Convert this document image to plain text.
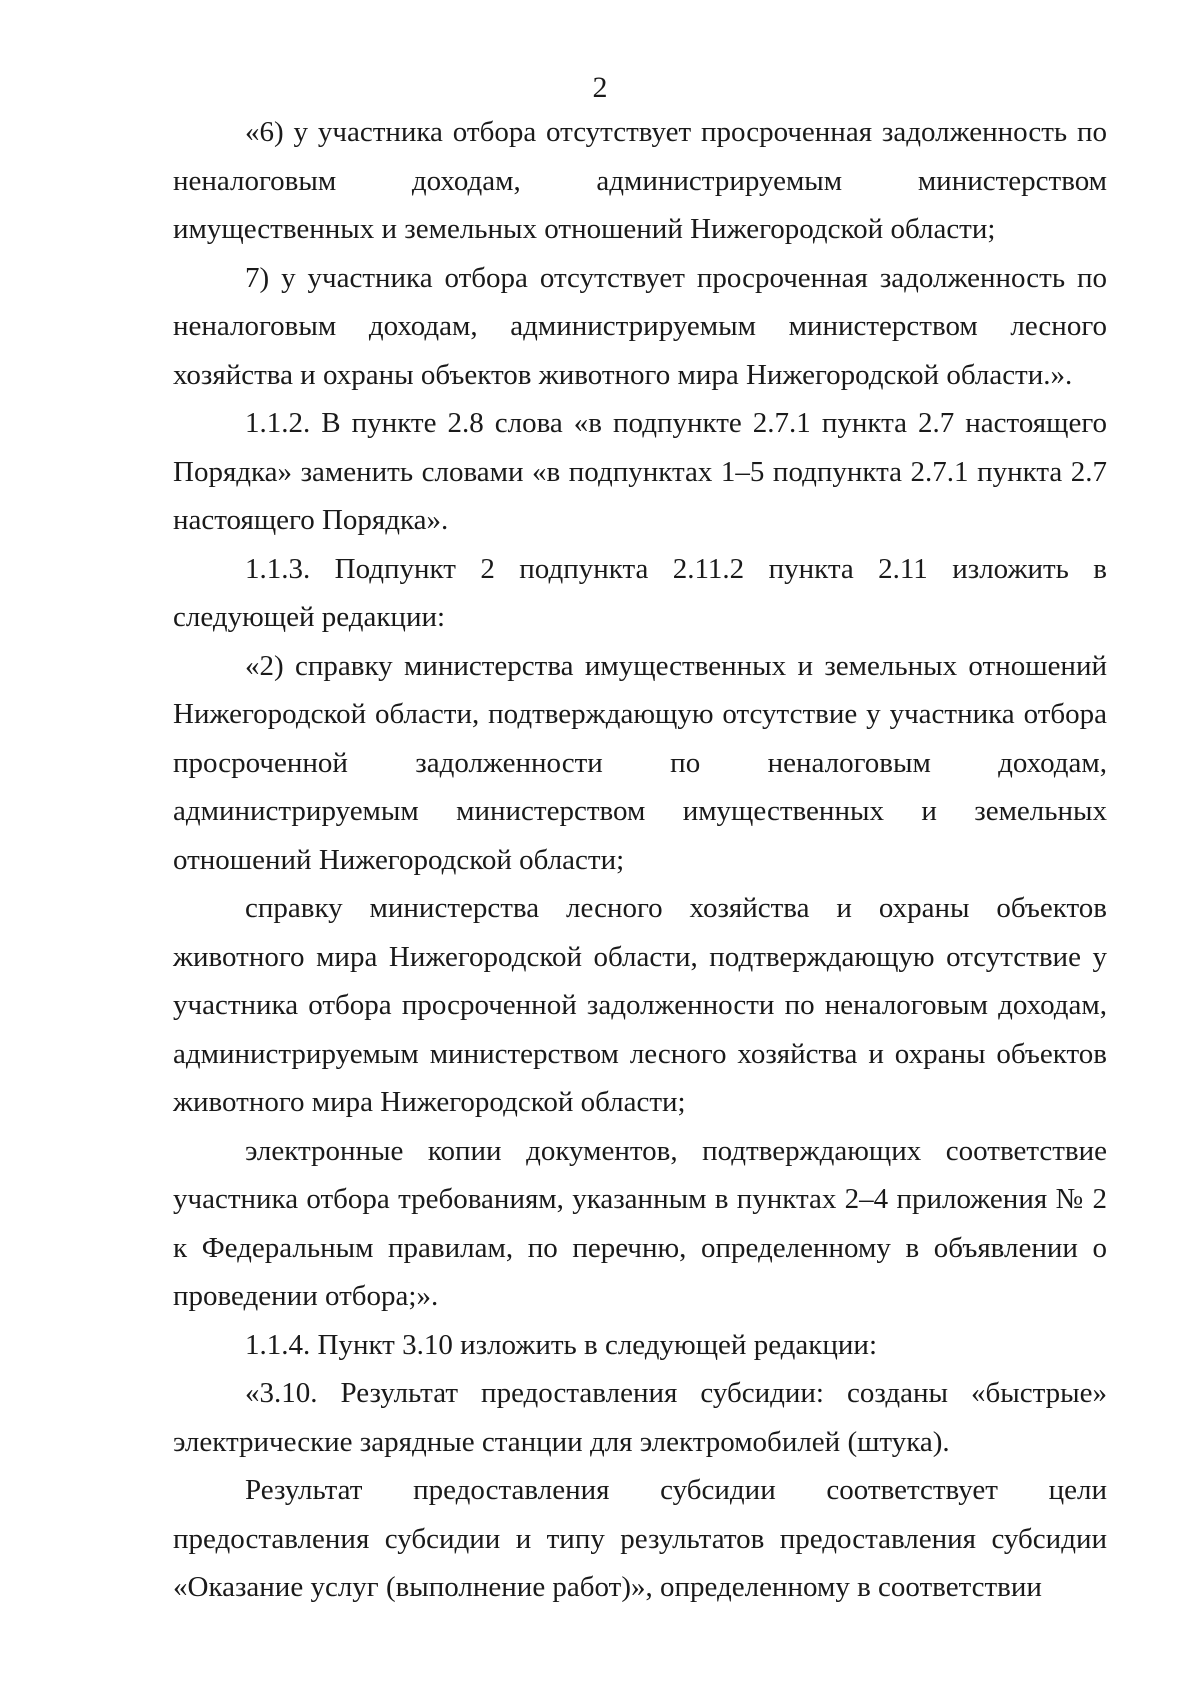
2

«6) у участника отбора отсутствует просроченная задолженность по неналоговым доходам, администрируемым министерством имущественных и земельных отношений Нижегородской области;

7) у участника отбора отсутствует просроченная задолженность по неналоговым доходам, администрируемым министерством лесного хозяйства и охраны объектов животного мира Нижегородской области.».

1.1.2. В пункте 2.8 слова «в подпункте 2.7.1 пункта 2.7 настоящего Порядка» заменить словами «в подпунктах 1–5 подпункта 2.7.1 пункта 2.7 настоящего Порядка».

1.1.3. Подпункт 2 подпункта 2.11.2 пункта 2.11 изложить в следующей редакции:

«2) справку министерства имущественных и земельных отношений Нижегородской области, подтверждающую отсутствие у участника отбора просроченной задолженности по неналоговым доходам, администрируемым министерством имущественных и земельных отношений Нижегородской области;

справку министерства лесного хозяйства и охраны объектов животного мира Нижегородской области, подтверждающую отсутствие у участника отбора просроченной задолженности по неналоговым доходам, администрируемым министерством лесного хозяйства и охраны объектов животного мира Нижегородской области;

электронные копии документов, подтверждающих соответствие участника отбора требованиям, указанным в пунктах 2–4 приложения № 2 к Федеральным правилам, по перечню, определенному в объявлении о проведении отбора;».

1.1.4. Пункт 3.10 изложить в следующей редакции:

«3.10. Результат предоставления субсидии: созданы «быстрые» электрические зарядные станции для электромобилей (штука).

Результат предоставления субсидии соответствует цели предоставления субсидии и типу результатов предоставления субсидии «Оказание услуг (выполнение работ)», определенному в соответствии
